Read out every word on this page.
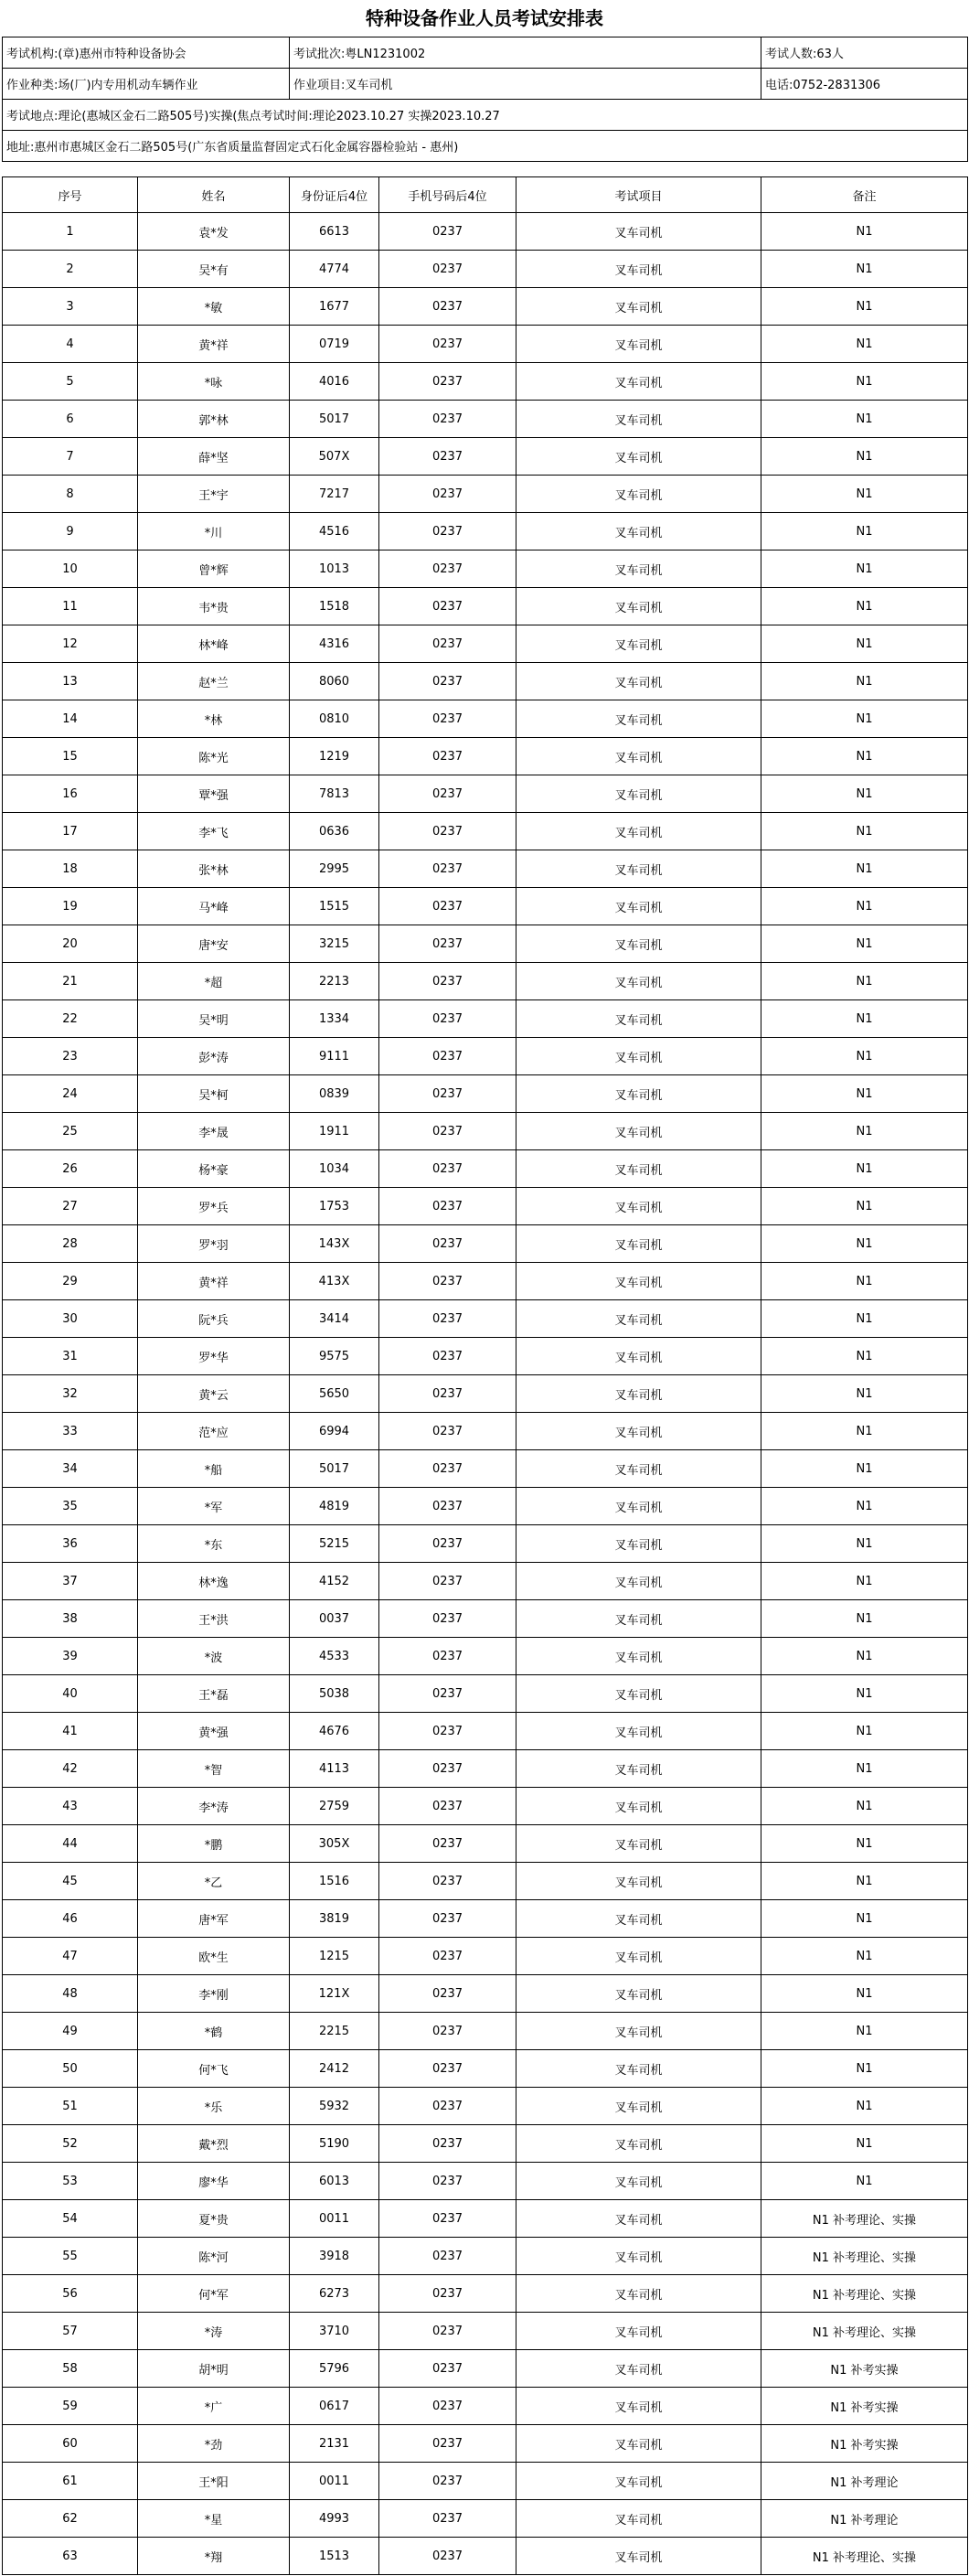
特种设备作业人员考试安排表
考试机构:(章)惠州市特种设备协会	考试批次:粤LN1231002	考试人数:63人
作业种类:场(厂)内专用机动车辆作业	作业项目:叉车司机	电话:0752-2831306
考试地点:理论(惠城区金石二路505号)实操(焦点考试时间:理论2023.10.27 实操2023.10.27		
地址:惠州市惠城区金石二路505号(广东省质量监督固定式石化金属容器检验站 - 惠州)		
序号	姓名	身份证后4位	手机号码后4位	考试项目	备注
1	袁*发	6613	0237	叉车司机	N1
2	吴*有	4774	0237	叉车司机	N1
3	*敏	1677	0237	叉车司机	N1
4	黄*祥	0719	0237	叉车司机	N1
5	*咏	4016	0237	叉车司机	N1
6	郭*林	5017	0237	叉车司机	N1
7	薛*坚	507X	0237	叉车司机	N1
8	王*宇	7217	0237	叉车司机	N1
9	*川	4516	0237	叉车司机	N1
10	曾*辉	1013	0237	叉车司机	N1
11	韦*贵	1518	0237	叉车司机	N1
12	林*峰	4316	0237	叉车司机	N1
13	赵*兰	8060	0237	叉车司机	N1
14	*林	0810	0237	叉车司机	N1
15	陈*光	1219	0237	叉车司机	N1
16	覃*强	7813	0237	叉车司机	N1
17	李*飞	0636	0237	叉车司机	N1
18	张*林	2995	0237	叉车司机	N1
19	马*峰	1515	0237	叉车司机	N1
20	唐*安	3215	0237	叉车司机	N1
21	*超	2213	0237	叉车司机	N1
22	吴*明	1334	0237	叉车司机	N1
23	彭*涛	9111	0237	叉车司机	N1
24	吴*柯	0839	0237	叉车司机	N1
25	李*晟	1911	0237	叉车司机	N1
26	杨*豪	1034	0237	叉车司机	N1
27	罗*兵	1753	0237	叉车司机	N1
28	罗*羽	143X	0237	叉车司机	N1
29	黄*祥	413X	0237	叉车司机	N1
30	阮*兵	3414	0237	叉车司机	N1
31	罗*华	9575	0237	叉车司机	N1
32	黄*云	5650	0237	叉车司机	N1
33	范*应	6994	0237	叉车司机	N1
34	*船	5017	0237	叉车司机	N1
35	*军	4819	0237	叉车司机	N1
36	*东	5215	0237	叉车司机	N1
37	林*逸	4152	0237	叉车司机	N1
38	王*洪	0037	0237	叉车司机	N1
39	*波	4533	0237	叉车司机	N1
40	王*磊	5038	0237	叉车司机	N1
41	黄*强	4676	0237	叉车司机	N1
42	*智	4113	0237	叉车司机	N1
43	李*涛	2759	0237	叉车司机	N1
44	*鹏	305X	0237	叉车司机	N1
45	*乙	1516	0237	叉车司机	N1
46	唐*军	3819	0237	叉车司机	N1
47	欧*生	1215	0237	叉车司机	N1
48	李*刚	121X	0237	叉车司机	N1
49	*鹤	2215	0237	叉车司机	N1
50	何*飞	2412	0237	叉车司机	N1
51	*乐	5932	0237	叉车司机	N1
52	戴*烈	5190	0237	叉车司机	N1
53	廖*华	6013	0237	叉车司机	N1
54	夏*贵	0011	0237	叉车司机	N1 补考理论、实操
55	陈*河	3918	0237	叉车司机	N1 补考理论、实操
56	何*军	6273	0237	叉车司机	N1 补考理论、实操
57	*涛	3710	0237	叉车司机	N1 补考理论、实操
58	胡*明	5796	0237	叉车司机	N1 补考实操
59	*广	0617	0237	叉车司机	N1 补考实操
60	*劲	2131	0237	叉车司机	N1 补考实操
61	王*阳	0011	0237	叉车司机	N1 补考理论
62	*星	4993	0237	叉车司机	N1 补考理论
63	*翔	1513	0237	叉车司机	N1 补考理论、实操
